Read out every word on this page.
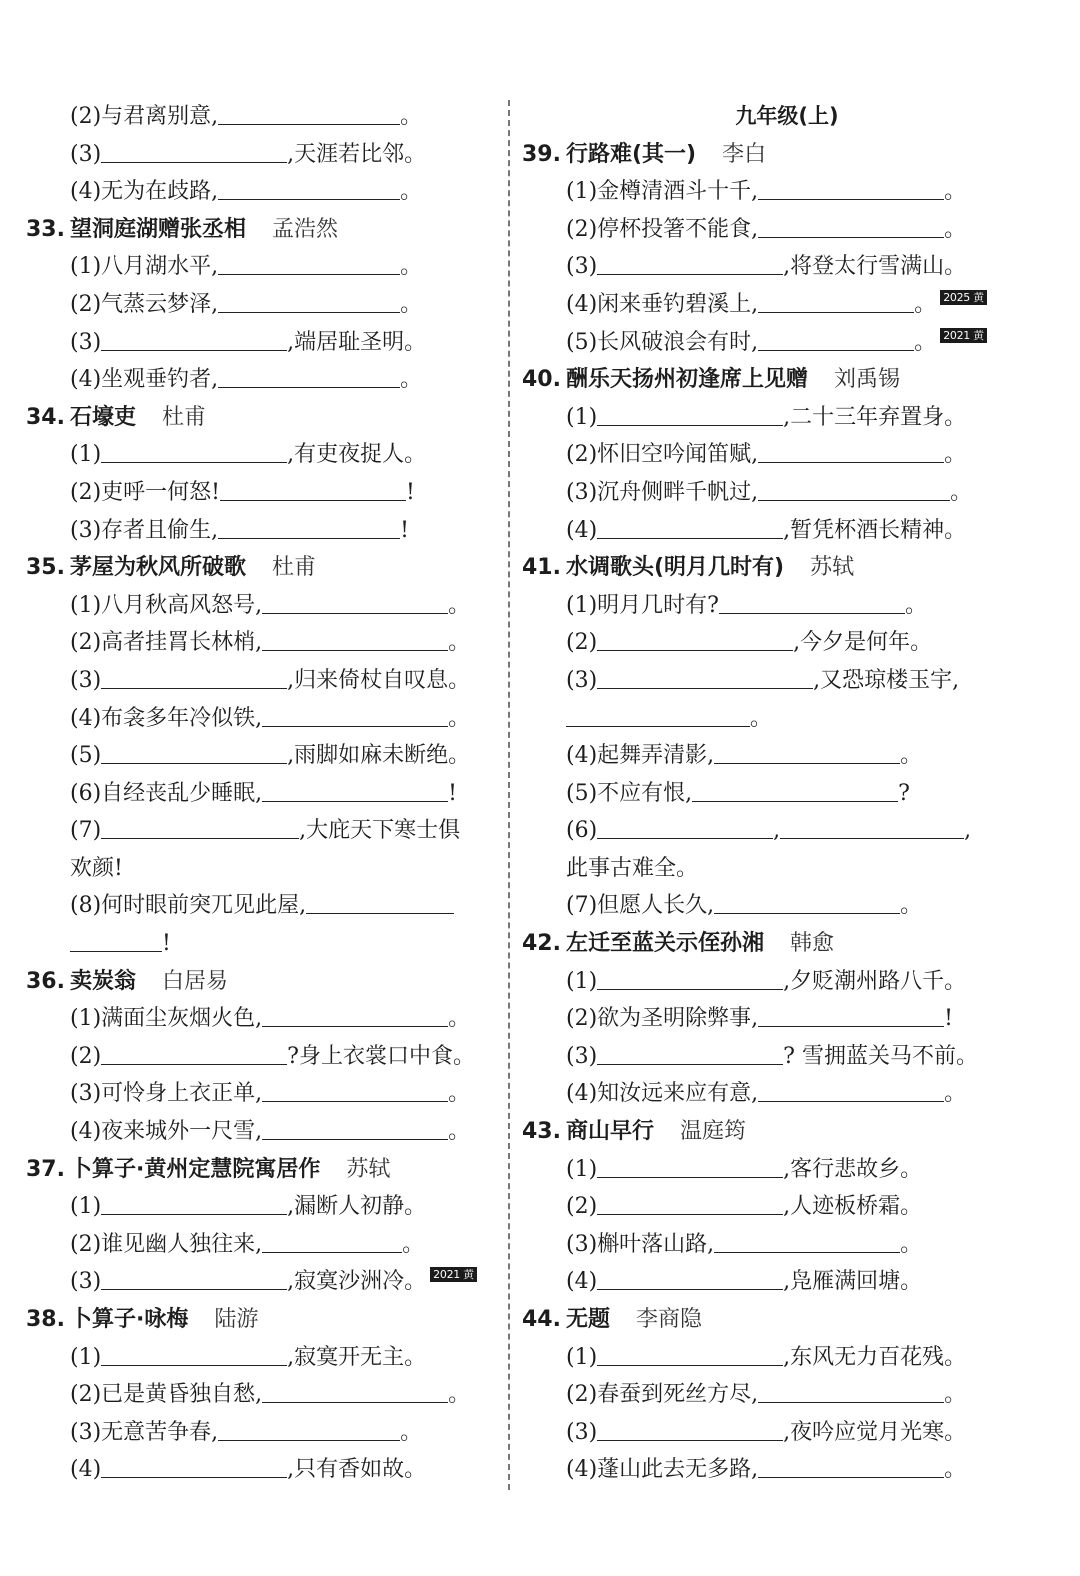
(2)与君离别意,	。
(3)	,天涯若比邻。
(4)无为在歧路,	。
33. 望洞庭湖赠张丞相 孟浩然
(1)八月湖水平,	。
(2)气蒸云梦泽,	。
(3)	,端居耻圣明。
(4)坐观垂钓者,	。
34. 石壕吏 杜甫
(1)	,有吏夜捉人。
(2)吏呼一何怒!	!
(3)存者且偷生,	!
35. 茅屋为秋风所破歌 杜甫
(1)八月秋高风怒号,	。
(2)高者挂罥长林梢,	。
(3)	,归来倚杖自叹息。
(4)布衾多年冷似铁,	。
(5)	,雨脚如麻未断绝。
(6)自经丧乱少睡眠,	!
(7)	,大庇天下寒士俱
欢颜!
(8)何时眼前突兀见此屋,
!
36. 卖炭翁 白居易
(1)满面尘灰烟火色,	。
(2)	?身上衣裳口中食。
(3)可怜身上衣正单,	。
(4)夜来城外一尺雪,	。
37. 卜算子·黄州定慧院寓居作 苏轼
(1)	,漏断人初静。
(2)谁见幽人独往来,	。
(3)	,寂寞沙洲冷。 2021 黄
38. 卜算子·咏梅 陆游
(1)	,寂寞开无主。
(2)已是黄昏独自愁,	。
(3)无意苦争春,	。
(4)	,只有香如故。
九年级(上)
39. 行路难(其一) 李白
(1)金樽清酒斗十千,	。
(2)停杯投箸不能食,	。
(3)	,将登太行雪满山。
(4)闲来垂钓碧溪上,	。 2025 黄
(5)长风破浪会有时,	。 2021 黄
40. 酬乐天扬州初逢席上见赠 刘禹锡
(1)	,二十三年弃置身。
(2)怀旧空吟闻笛赋,	。
(3)沉舟侧畔千帆过,	。
(4)	,暂凭杯酒长精神。
41. 水调歌头(明月几时有) 苏轼
(1)明月几时有?	。
(2)	,今夕是何年。
(3)	,又恐琼楼玉宇,
。
(4)起舞弄清影,	。
(5)不应有恨,	?
(6)	,	,
此事古难全。
(7)但愿人长久,	。
42. 左迁至蓝关示侄孙湘 韩愈
(1)	,夕贬潮州路八千。
(2)欲为圣明除弊事,	!
(3)	? 雪拥蓝关马不前。
(4)知汝远来应有意,	。
43. 商山早行 温庭筠
(1)	,客行悲故乡。
(2)	,人迹板桥霜。
(3)槲叶落山路,	。
(4)	,凫雁满回塘。
44. 无题 李商隐
(1)	,东风无力百花残。
(2)春蚕到死丝方尽,	。
(3)	,夜吟应觉月光寒。
(4)蓬山此去无多路,	。
